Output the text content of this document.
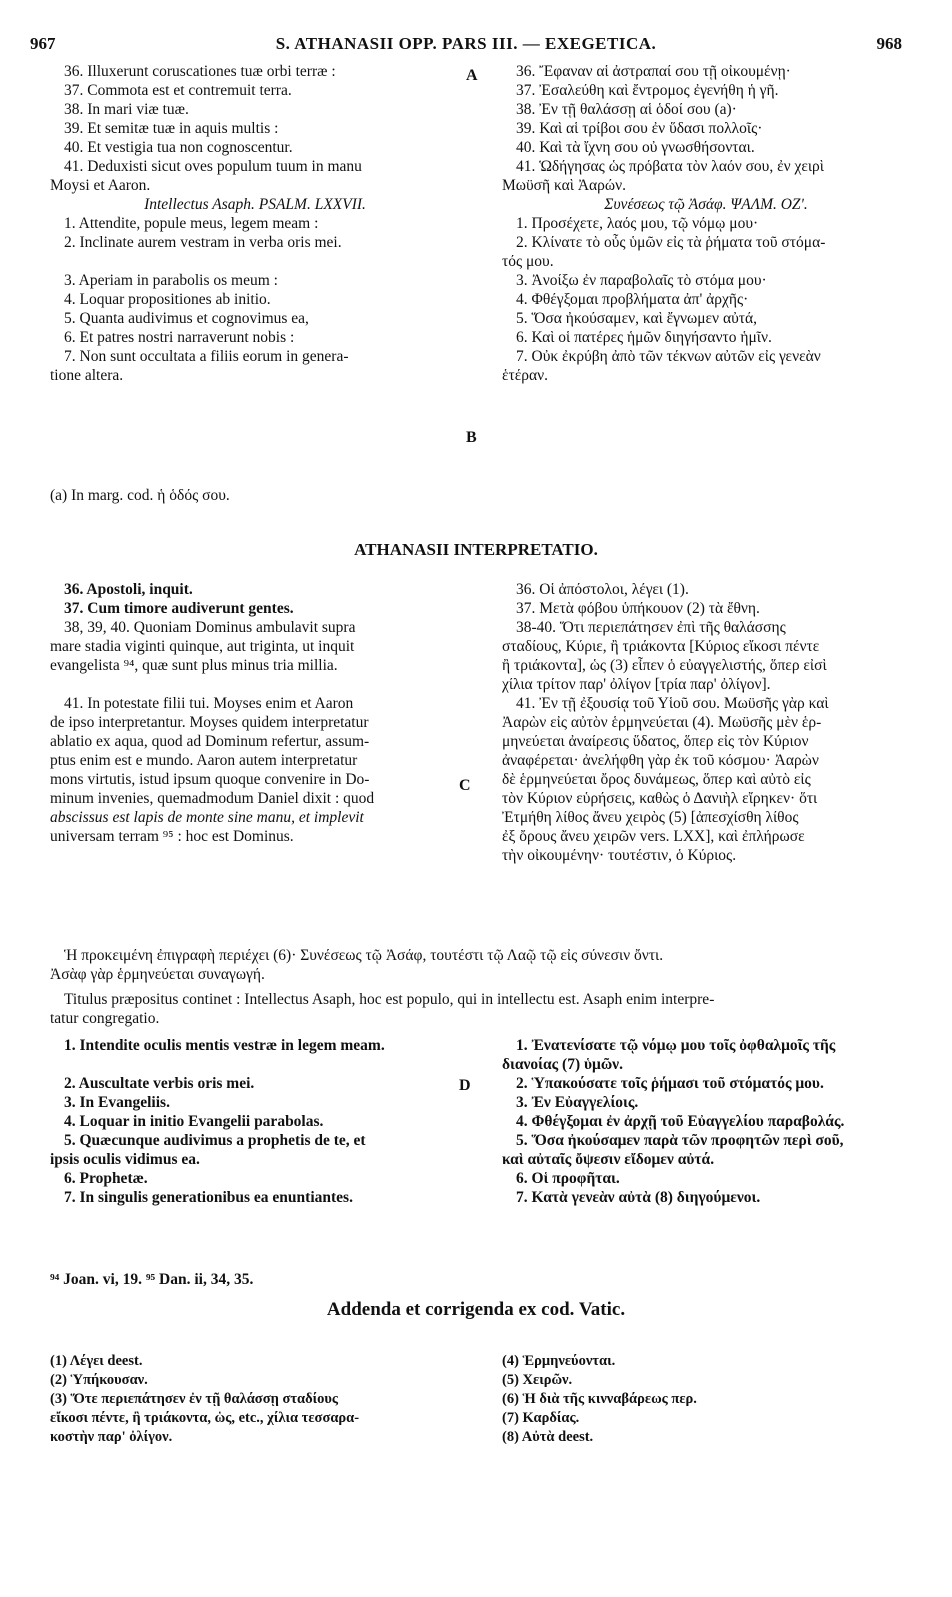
967	S. ATHANASII OPP. PARS III. — EXEGETICA.	968
36. Illuxerunt coruscationes tuæ orbi terræ :
37. Commota est et contremuit terra.
38. In mari viæ tuæ.
39. Et semitæ tuæ in aquis multis :
40. Et vestigia tua non cognoscentur.
41. Deduxisti sicut oves populum tuum in manu
Moysi et Aaron.
Intellectus Asaph. PSALM. LXXVII.
1. Attendite, popule meus, legem meam :
2. Inclinate aurem vestram in verba oris mei.
3. Aperiam in parabolis os meum :
4. Loquar propositiones ab initio.
5. Quanta audivimus et cognovimus ea,
6. Et patres nostri narraverunt nobis :
7. Non sunt occultata a filiis eorum in genera-
tione altera.
36. Ἔφαναν αἱ ἀστραπαί σου τῇ οἰκουμένῃ·
37. Ἐσαλεύθη καὶ ἔντρομος ἐγενήθη ἡ γῆ.
38. Ἐν τῇ θαλάσσῃ αἱ ὁδοί σου (a)·
39. Καὶ αἱ τρίβοι σου ἐν ὕδασι πολλοῖς·
40. Καὶ τὰ ἴχνη σου οὐ γνωσθήσονται.
41. Ὡδήγησας ὡς πρόβατα τὸν λαόν σου, ἐν χειρὶ
Μωϋσῆ καὶ Ἀαρών.
Συνέσεως τῷ Ἀσάφ. ΨΑΛΜ. ΟΖʹ.
1. Προσέχετε, λαός μου, τῷ νόμῳ μου·
2. Κλίνατε τὸ οὖς ὑμῶν εἰς τὰ ῥήματα τοῦ στόμα-
τός μου.
3. Ἀνοίξω ἐν παραβολαῖς τὸ στόμα μου·
4. Φθέγξομαι προβλήματα ἀπ' ἀρχῆς·
5. Ὅσα ἠκούσαμεν, καὶ ἔγνωμεν αὐτά,
6. Καὶ οἱ πατέρες ἡμῶν διηγήσαντο ἡμῖν.
7. Οὐκ ἐκρύβη ἀπὸ τῶν τέκνων αὐτῶν εἰς γενεὰν
ἑτέραν.
A
B
(a) In marg. cod. ἡ ὁδός σου.
ATHANASII INTERPRETATIO.
36. Apostoli, inquit.
37. Cum timore audiverunt gentes.
38, 39, 40. Quoniam Dominus ambulavit supra
mare stadia viginti quinque, aut triginta, ut inquit
evangelista ⁹⁴, quæ sunt plus minus tria millia.
41. In potestate filii tui. Moyses enim et Aaron
de ipso interpretantur. Moyses quidem interpretatur
ablatio ex aqua, quod ad Dominum refertur, assum-
ptus enim est e mundo. Aaron autem interpretatur
mons virtutis, istud ipsum quoque convenire in Do-
minum invenies, quemadmodum Daniel dixit : quod
abscissus est lapis de monte sine manu, et implevit
universam terram ⁹⁵ : hoc est Dominus.
36. Οἱ ἀπόστολοι, λέγει (1).
37. Μετὰ φόβου ὑπήκουον (2) τὰ ἔθνη.
38-40. Ὅτι περιεπάτησεν ἐπὶ τῆς θαλάσσης
σταδίους, Κύριε, ἢ τριάκοντα [Κύριος εἴκοσι πέντε
ἢ τριάκοντα], ὡς (3) εἶπεν ὁ εὐαγγελιστής, ὅπερ εἰσὶ
χίλια τρίτον παρ' ὀλίγον [τρία παρ' ὀλίγον].
41. Ἐν τῇ ἐξουσίᾳ τοῦ Υἱοῦ σου. Μωϋσῆς γὰρ καὶ
Ἀαρὼν εἰς αὐτὸν ἑρμηνεύεται (4). Μωϋσῆς μὲν ἑρ-
μηνεύεται ἀναίρεσις ὕδατος, ὅπερ εἰς τὸν Κύριον
ἀναφέρεται· ἀνελήφθη γὰρ ἐκ τοῦ κόσμου· Ἀαρὼν
δὲ ἑρμηνεύεται ὄρος δυνάμεως, ὅπερ καὶ αὐτὸ εἰς
τὸν Κύριον εὑρήσεις, καθὼς ὁ Δανιὴλ εἴρηκεν· ὅτι
Ἐτμήθη λίθος ἄνευ χειρὸς (5) [ἀπεσχίσθη λίθος
ἐξ ὄρους ἄνευ χειρῶν vers. LXX], καὶ ἐπλήρωσε
τὴν οἰκουμένην· τουτέστιν, ὁ Κύριος.
C
Ἡ προκειμένη ἐπιγραφὴ περιέχει (6)· Συνέσεως τῷ Ἀσάφ, τουτέστι τῷ Λαῷ τῷ εἰς σύνεσιν ὄντι.
Ἀσὰφ γὰρ ἑρμηνεύεται συναγωγή.
Titulus præpositus continet : Intellectus Asaph, hoc est populo, qui in intellectu est. Asaph enim interpre-
tatur congregatio.
1. Intendite oculis mentis vestræ in legem meam.
2. Auscultate verbis oris mei.
3. In Evangeliis.
4. Loquar in initio Evangelii parabolas.
5. Quæcunque audivimus a prophetis de te, et
ipsis oculis vidimus ea.
6. Prophetæ.
7. In singulis generationibus ea enuntiantes.
1. Ἐνατενίσατε τῷ νόμῳ μου τοῖς ὀφθαλμοῖς τῆς
διανοίας (7) ὑμῶν.
2. Ὑπακούσατε τοῖς ῥήμασι τοῦ στόματός μου.
3. Ἐν Εὐαγγελίοις.
4. Φθέγξομαι ἐν ἀρχῇ τοῦ Εὐαγγελίου παραβολάς.
5. Ὅσα ἠκούσαμεν παρὰ τῶν προφητῶν περὶ σοῦ,
καὶ αὐταῖς ὄψεσιν εἴδομεν αὐτά.
6. Οἱ προφῆται.
7. Κατὰ γενεὰν αὐτὰ (8) διηγούμενοι.
D
⁹⁴ Joan. vi, 19. ⁹⁵ Dan. ii, 34, 35.
Addenda et corrigenda ex cod. Vatic.
(1) Λέγει deest.
(2) Ὑπήκουσαν.
(3) Ὅτε περιεπάτησεν ἐν τῇ θαλάσσῃ σταδίους
εἴκοσι πέντε, ἢ τριάκοντα, ὡς, etc., χίλια τεσσαρα-
κοστὴν παρ' ὀλίγον.
(4) Ἑρμηνεύονται.
(5) Χειρῶν.
(6) Ἡ διὰ τῆς κινναβάρεως περ.
(7) Καρδίας.
(8) Αὐτὰ deest.
